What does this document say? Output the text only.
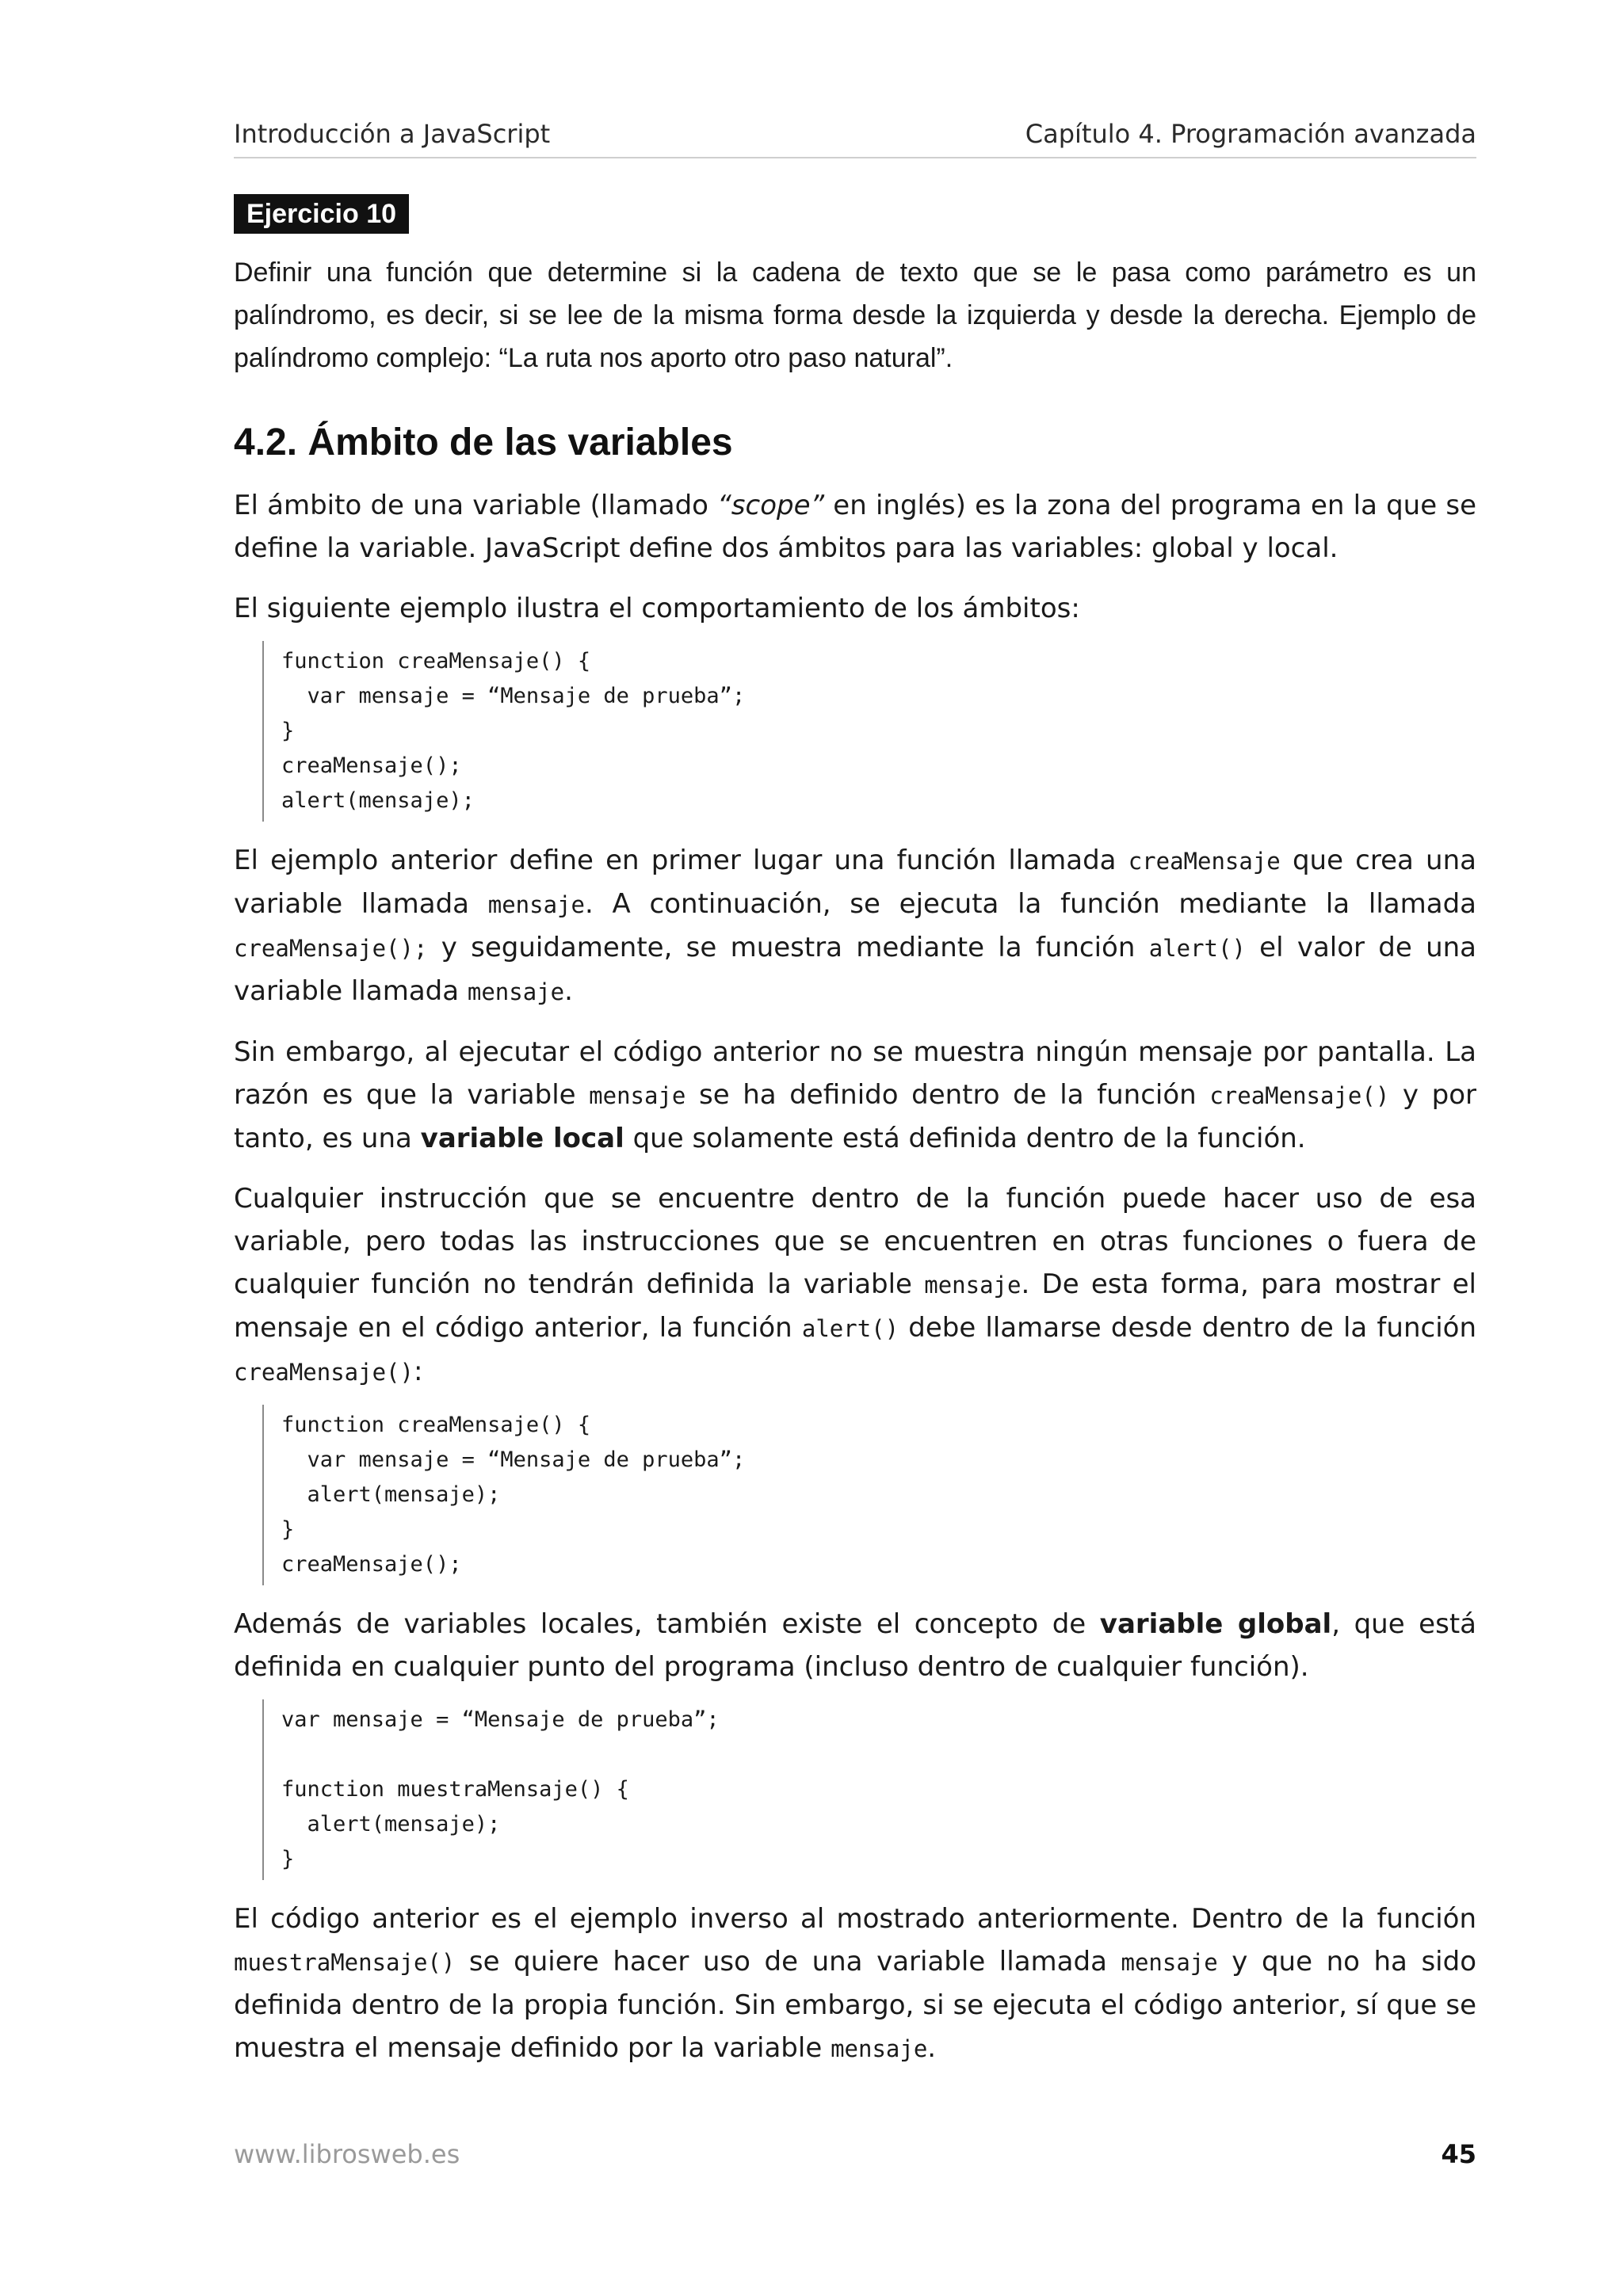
Introducción a JavaScript	Capítulo 4. Programación avanzada
Ejercicio 10

Definir una función que determine si la cadena de texto que se le pasa como parámetro es un palíndromo, es decir, si se lee de la misma forma desde la izquierda y desde la derecha. Ejemplo de palíndromo complejo: “La ruta nos aporto otro paso natural”.

4.2. Ámbito de las variables

El ámbito de una variable (llamado “scope” en inglés) es la zona del programa en la que se define la variable. JavaScript define dos ámbitos para las variables: global y local.

El siguiente ejemplo ilustra el comportamiento de los ámbitos:

function creaMensaje() {
var mensaje = “Mensaje de prueba”;
}
creaMensaje();
alert(mensaje);

El ejemplo anterior define en primer lugar una función llamada creaMensaje que crea una variable llamada mensaje. A continuación, se ejecuta la función mediante la llamada creaMensaje(); y seguidamente, se muestra mediante la función alert() el valor de una variable llamada mensaje.

Sin embargo, al ejecutar el código anterior no se muestra ningún mensaje por pantalla. La razón es que la variable mensaje se ha definido dentro de la función creaMensaje() y por tanto, es una variable local que solamente está definida dentro de la función.

Cualquier instrucción que se encuentre dentro de la función puede hacer uso de esa variable, pero todas las instrucciones que se encuentren en otras funciones o fuera de cualquier función no tendrán definida la variable mensaje. De esta forma, para mostrar el mensaje en el código anterior, la función alert() debe llamarse desde dentro de la función creaMensaje():

function creaMensaje() {
var mensaje = “Mensaje de prueba”;
alert(mensaje);
}
creaMensaje();

Además de variables locales, también existe el concepto de variable global, que está definida en cualquier punto del programa (incluso dentro de cualquier función).

var mensaje = “Mensaje de prueba”;
function muestraMensaje() {
alert(mensaje);
}

El código anterior es el ejemplo inverso al mostrado anteriormente. Dentro de la función muestraMensaje() se quiere hacer uso de una variable llamada mensaje y que no ha sido definida dentro de la propia función. Sin embargo, si se ejecuta el código anterior, sí que se muestra el mensaje definido por la variable mensaje.

www.librosweb.es	45
